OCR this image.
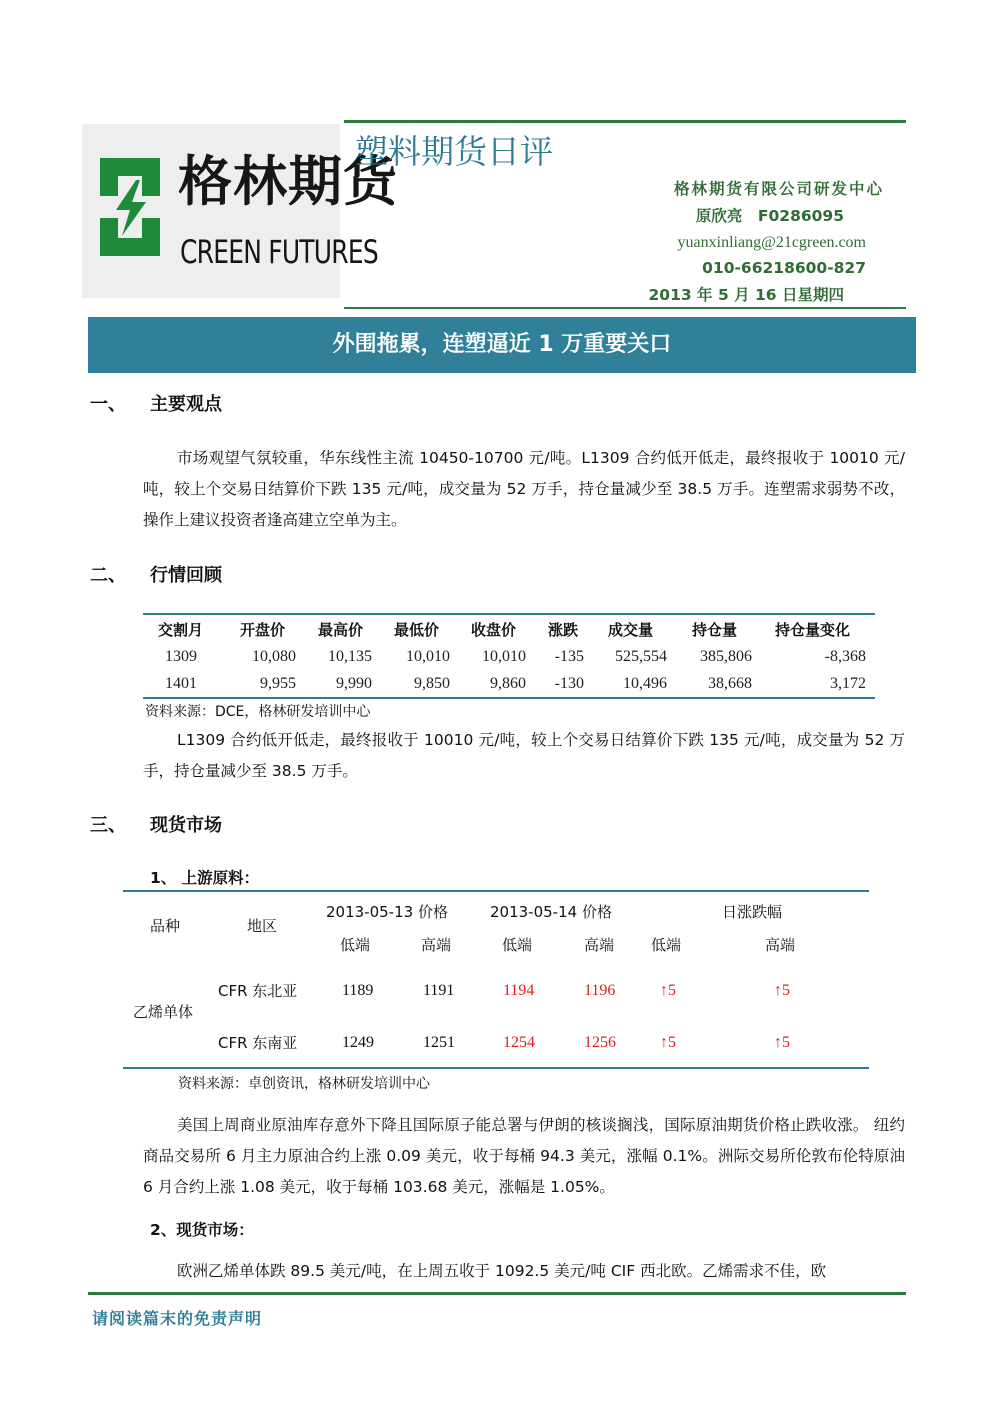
格林期货
CREEN FUTURES
塑料期货日评
格林期货有限公司研发中心
原欣亮　F0286095
yuanxinliang@21cgreen.com
010-66218600-827
2013 年 5 月 16 日星期四
外围拖累，连塑逼近 1 万重要关口
一、 主要观点
市场观望气氛较重，华东线性主流 10450-10700 元/吨。L1309 合约低开低走，最终报收于 10010 元/吨，较上个交易日结算价下跌 135 元/吨，成交量为 52 万手，持仓量减少至 38.5 万手。连塑需求弱势不改，操作上建议投资者逢高建立空单为主。
二、 行情回顾
交割月 开盘价 最高价 最低价 收盘价 涨跌 成交量	持仓量	持仓量变化
1309	10,080 10,135 10,010 10,010 -135 525,554 385,806	-8,368
1401	9,955	9,990	9,850	9,860 -130 10,496	38,668	3,172
资料来源：DCE，格林研发培训中心
L1309 合约低开低走，最终报收于 10010 元/吨，较上个交易日结算价下跌 135 元/吨，成交量为 52 万手，持仓量减少至 38.5 万手。
三、 现货市场
1、 上游原料：
品种	地区
2013-05-13 价格	2013-05-14 价格	日涨跌幅
低端	高端	低端	高端 低端	高端
乙烯单体
CFR 东北亚	1189	1191	1194	1196	↑5	↑5
CFR 东南亚	1249	1251	1254	1256	↑5	↑5
资料来源：卓创资讯，格林研发培训中心
美国上周商业原油库存意外下降且国际原子能总署与伊朗的核谈搁浅，国际原油期货价格止跌收涨。 纽约商品交易所 6 月主力原油合约上涨 0.09 美元，收于每桶 94.3 美元，涨幅 0.1%。洲际交易所伦敦布伦特原油 6 月合约上涨 1.08 美元，收于每桶 103.68 美元，涨幅是 1.05%。
2、现货市场：
欧洲乙烯单体跌 89.5 美元/吨，在上周五收于 1092.5 美元/吨 CIF 西北欧。乙烯需求不佳，欧
请阅读篇末的免责声明
